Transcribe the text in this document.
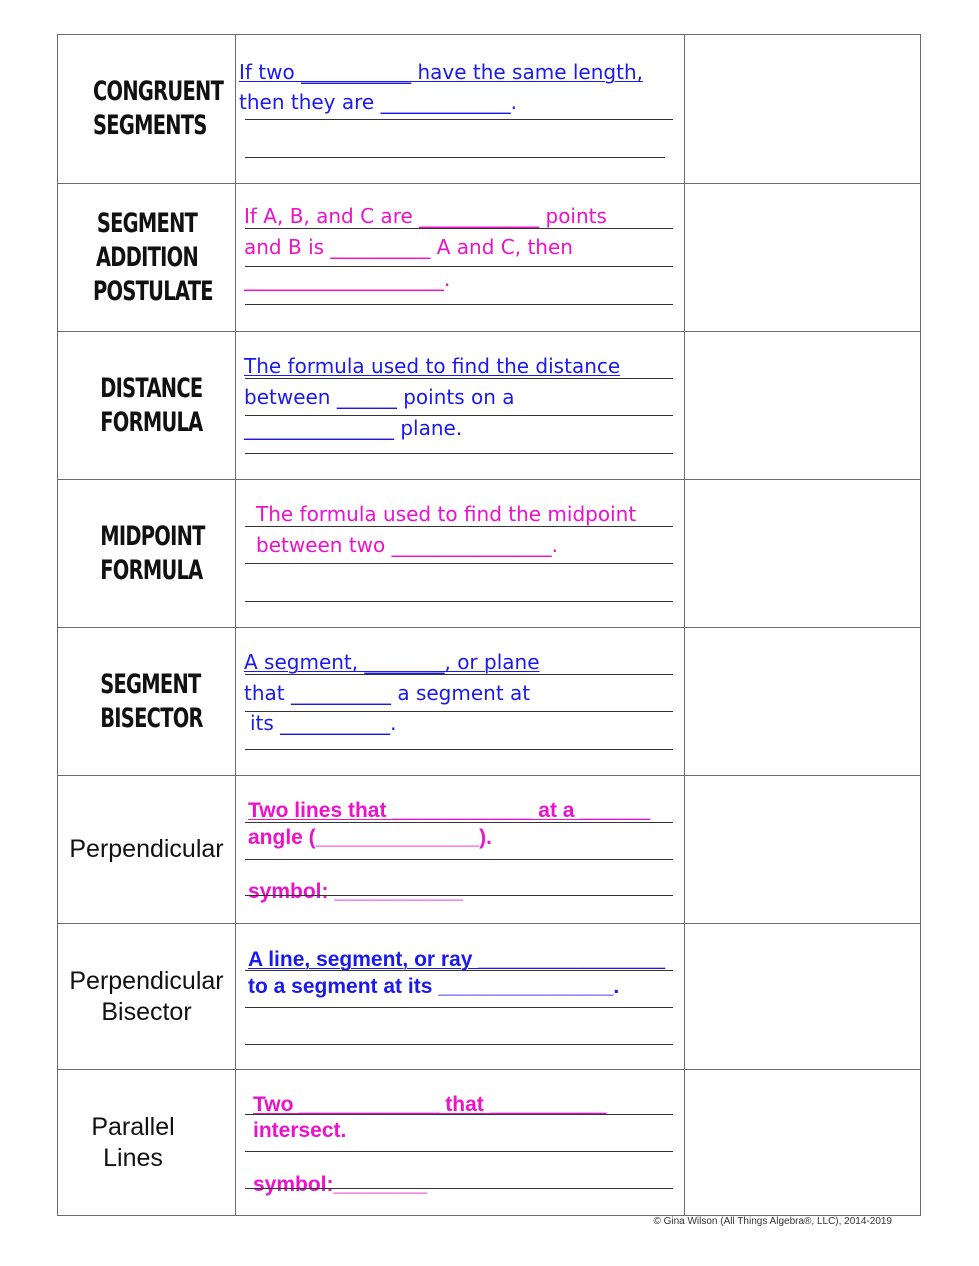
CONGRUENT SEGMENTS	If two ___________ have the same length,
then they are _____________.	

SEGMENT ADDITION POSTULATE	If A, B, and C are ____________ points
and B is __________ A and C, then
____________________.	

DISTANCE FORMULA	The formula used to find the distance
between ______ points on a
_______________ plane.	

MIDPOINT FORMULA	The formula used to find the midpoint
between two ________________.	

SEGMENT BISECTOR	A segment, ________, or plane
that __________ a segment at
its ___________.	

Perpendicular	Two lines that ____________ at a ______
angle (______________).
symbol: ___________	

Perpendicular Bisector	A line, segment, or ray ________________
to a segment at its _______________.	

Parallel Lines	Two ____________ that __________
intersect.
symbol:________	

© Gina Wilson (All Things Algebra®, LLC), 2014-2019
